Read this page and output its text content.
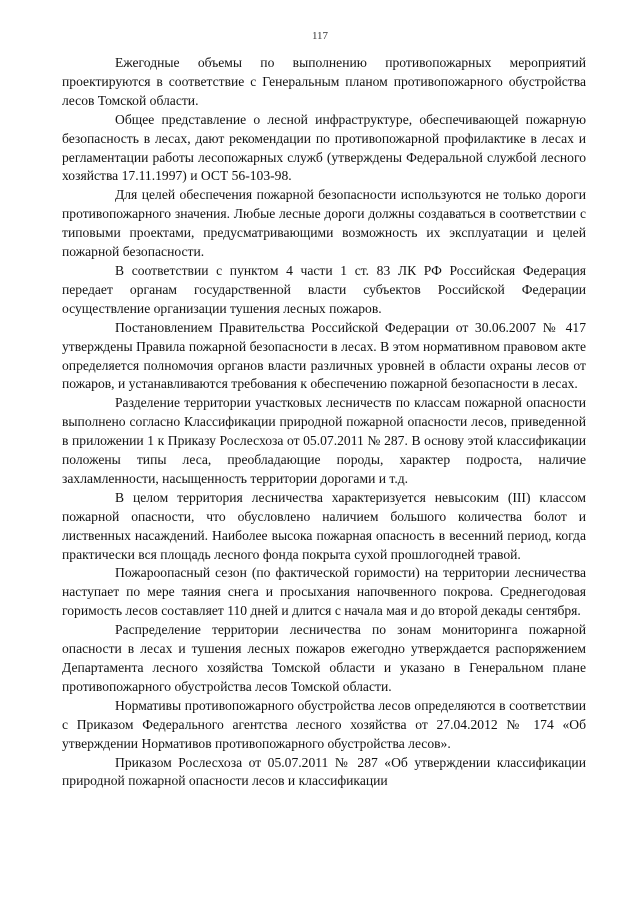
117

Ежегодные объемы по выполнению противопожарных мероприятий проектируются в соответствие с Генеральным планом противопожарного обустройства лесов Томской области.

Общее представление о лесной инфраструктуре, обеспечивающей пожарную безопасность в лесах, дают рекомендации по противопожарной профилактике в лесах и регламентации работы лесопожарных служб (утверждены Федеральной службой лесного хозяйства 17.11.1997) и ОСТ 56-103-98.

Для целей обеспечения пожарной безопасности используются не только дороги противопожарного значения. Любые лесные дороги должны создаваться в соответствии с типовыми проектами, предусматривающими возможность их эксплуатации и целей пожарной безопасности.

В соответствии с пунктом 4 части 1 ст. 83 ЛК РФ Российская Федерация передает органам государственной власти субъектов Российской Федерации осуществление организации тушения лесных пожаров.

Постановлением Правительства Российской Федерации от 30.06.2007 № 417 утверждены Правила пожарной безопасности в лесах. В этом нормативном правовом акте определяется полномочия органов власти различных уровней в области охраны лесов от пожаров, и устанавливаются требования к обеспечению пожарной безопасности в лесах.

Разделение территории участковых лесничеств по классам пожарной опасности выполнено согласно Классификации природной пожарной опасности лесов, приведенной в приложении 1 к Приказу Рослесхоза от 05.07.2011 № 287. В основу этой классификации положены типы леса, преобладающие породы, характер подроста, наличие захламленности, насыщенность территории дорогами и т.д.

В целом территория лесничества характеризуется невысоким (III) классом пожарной опасности, что обусловлено наличием большого количества болот и лиственных насаждений. Наиболее высока пожарная опасность в весенний период, когда практически вся площадь лесного фонда покрыта сухой прошлогодней травой.

Пожароопасный сезон (по фактической горимости) на территории лесничества наступает по мере таяния снега и просыхания напочвенного покрова. Среднегодовая горимость лесов составляет 110 дней и длится с начала мая и до второй декады сентября.

Распределение территории лесничества по зонам мониторинга пожарной опасности в лесах и тушения лесных пожаров ежегодно утверждается распоряжением Департамента лесного хозяйства Томской области и указано в Генеральном плане противопожарного обустройства лесов Томской области.

Нормативы противопожарного обустройства лесов определяются в соответствии с Приказом Федерального агентства лесного хозяйства от 27.04.2012 № 174 «Об утверждении Нормативов противопожарного обустройства лесов».

Приказом Рослесхоза от 05.07.2011 № 287 «Об утверждении классификации природной пожарной опасности лесов и классификации
